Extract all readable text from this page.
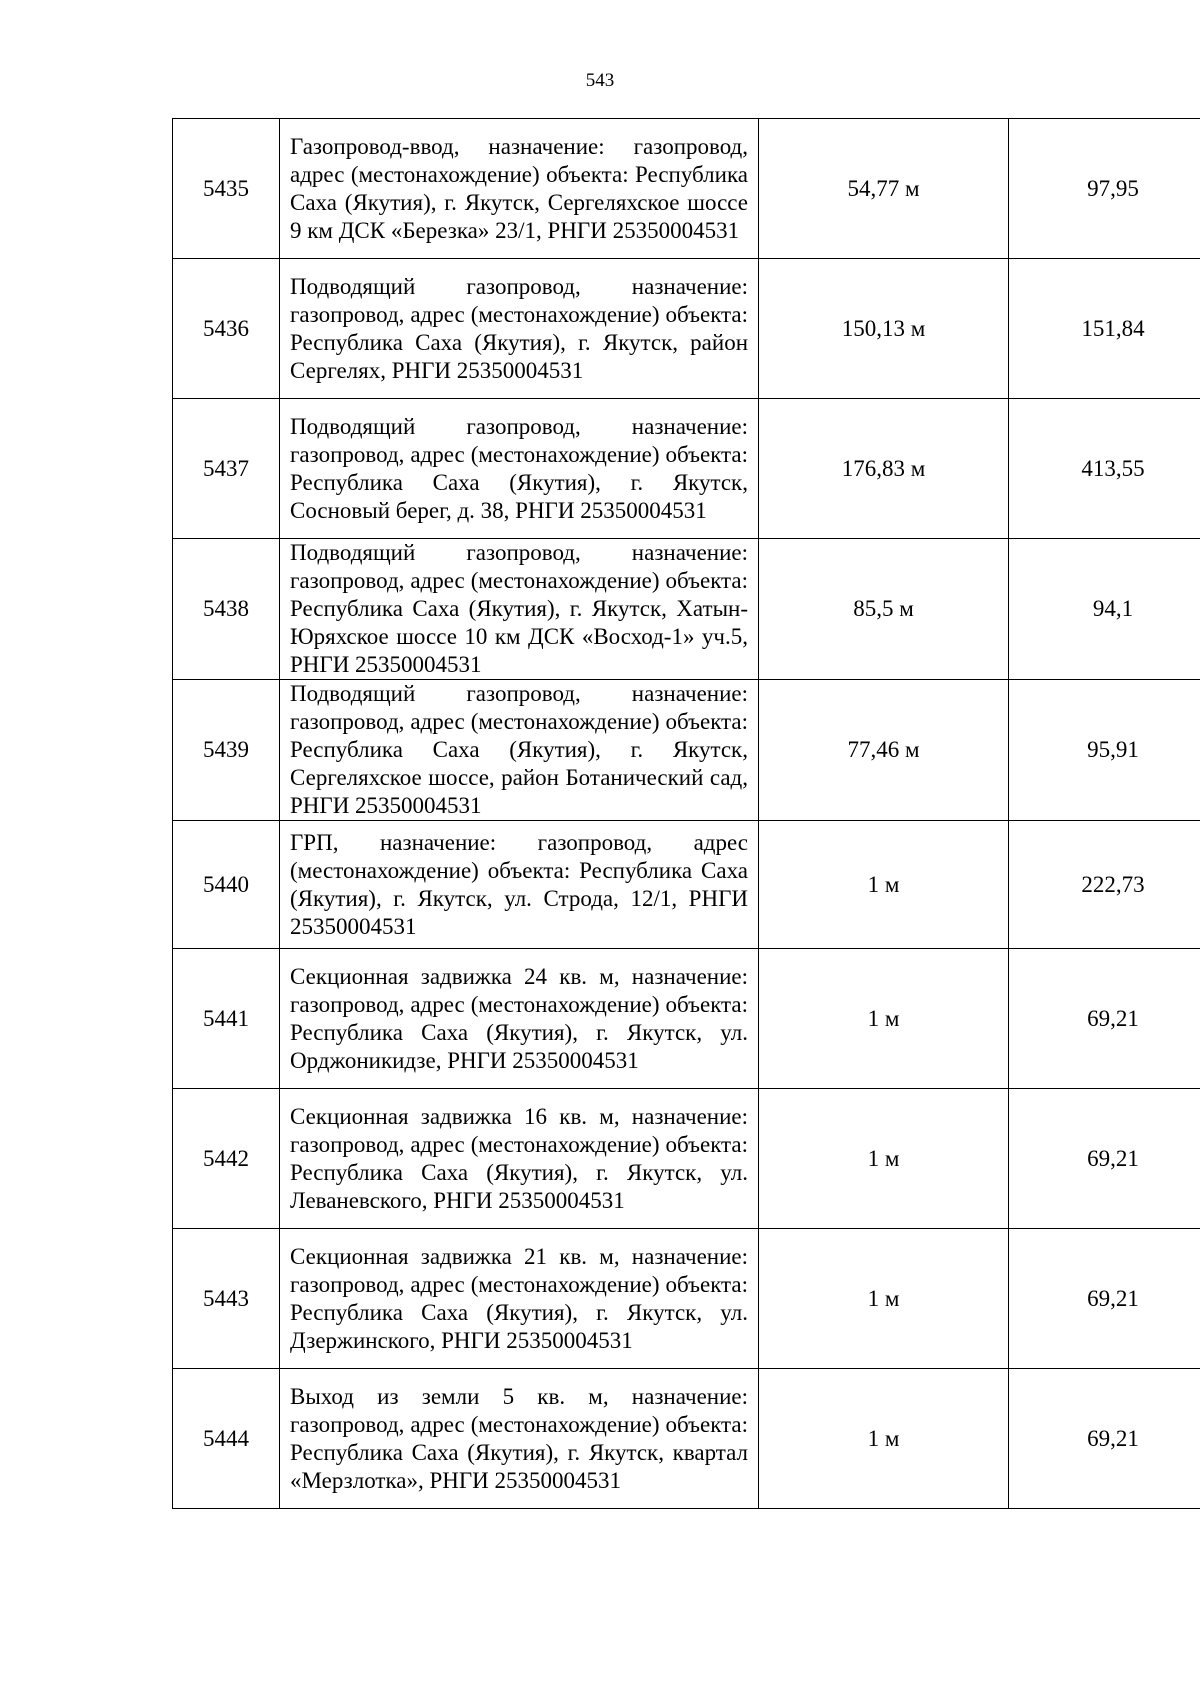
543
5435	Газопровод-ввод, назначение: газопровод, адрес (местонахождение) объекта: Республика Саха (Якутия), г. Якутск, Сергеляхское шоссе 9 км ДСК «Березка» 23/1, РНГИ 25350004531	54,77 м	97,95
5436	Подводящий газопровод, назначение: газопровод, адрес (местонахождение) объекта: Республика Саха (Якутия), г. Якутск, район Сергелях, РНГИ 25350004531	150,13 м	151,84
5437	Подводящий газопровод, назначение: газопровод, адрес (местонахождение) объекта: Республика Саха (Якутия), г. Якутск, Сосновый берег, д. 38, РНГИ 25350004531	176,83 м	413,55
5438	Подводящий газопровод, назначение: газопровод, адрес (местонахождение) объекта: Республика Саха (Якутия), г. Якутск, Хатын-Юряхское шоссе 10 км ДСК «Восход-1» уч.5, РНГИ 25350004531	85,5 м	94,1
5439	Подводящий газопровод, назначение: газопровод, адрес (местонахождение) объекта: Республика Саха (Якутия), г. Якутск, Сергеляхское шоссе, район Ботанический сад, РНГИ 25350004531	77,46 м	95,91
5440	ГРП, назначение: газопровод, адрес (местонахождение) объекта: Республика Саха (Якутия), г. Якутск, ул. Строда, 12/1, РНГИ 25350004531	1 м	222,73
5441	Секционная задвижка 24 кв. м, назначение: газопровод, адрес (местонахождение) объекта: Республика Саха (Якутия), г. Якутск, ул. Орджоникидзе, РНГИ 25350004531	1 м	69,21
5442	Секционная задвижка 16 кв. м, назначение: газопровод, адрес (местонахождение) объекта: Республика Саха (Якутия), г. Якутск, ул. Леваневского, РНГИ 25350004531	1 м	69,21
5443	Секционная задвижка 21 кв. м, назначение: газопровод, адрес (местонахождение) объекта: Республика Саха (Якутия), г. Якутск, ул. Дзержинского, РНГИ 25350004531	1 м	69,21
5444	Выход из земли 5 кв. м, назначение: газопровод, адрес (местонахождение) объекта: Республика Саха (Якутия), г. Якутск, квартал «Мерзлотка», РНГИ 25350004531	1 м	69,21
